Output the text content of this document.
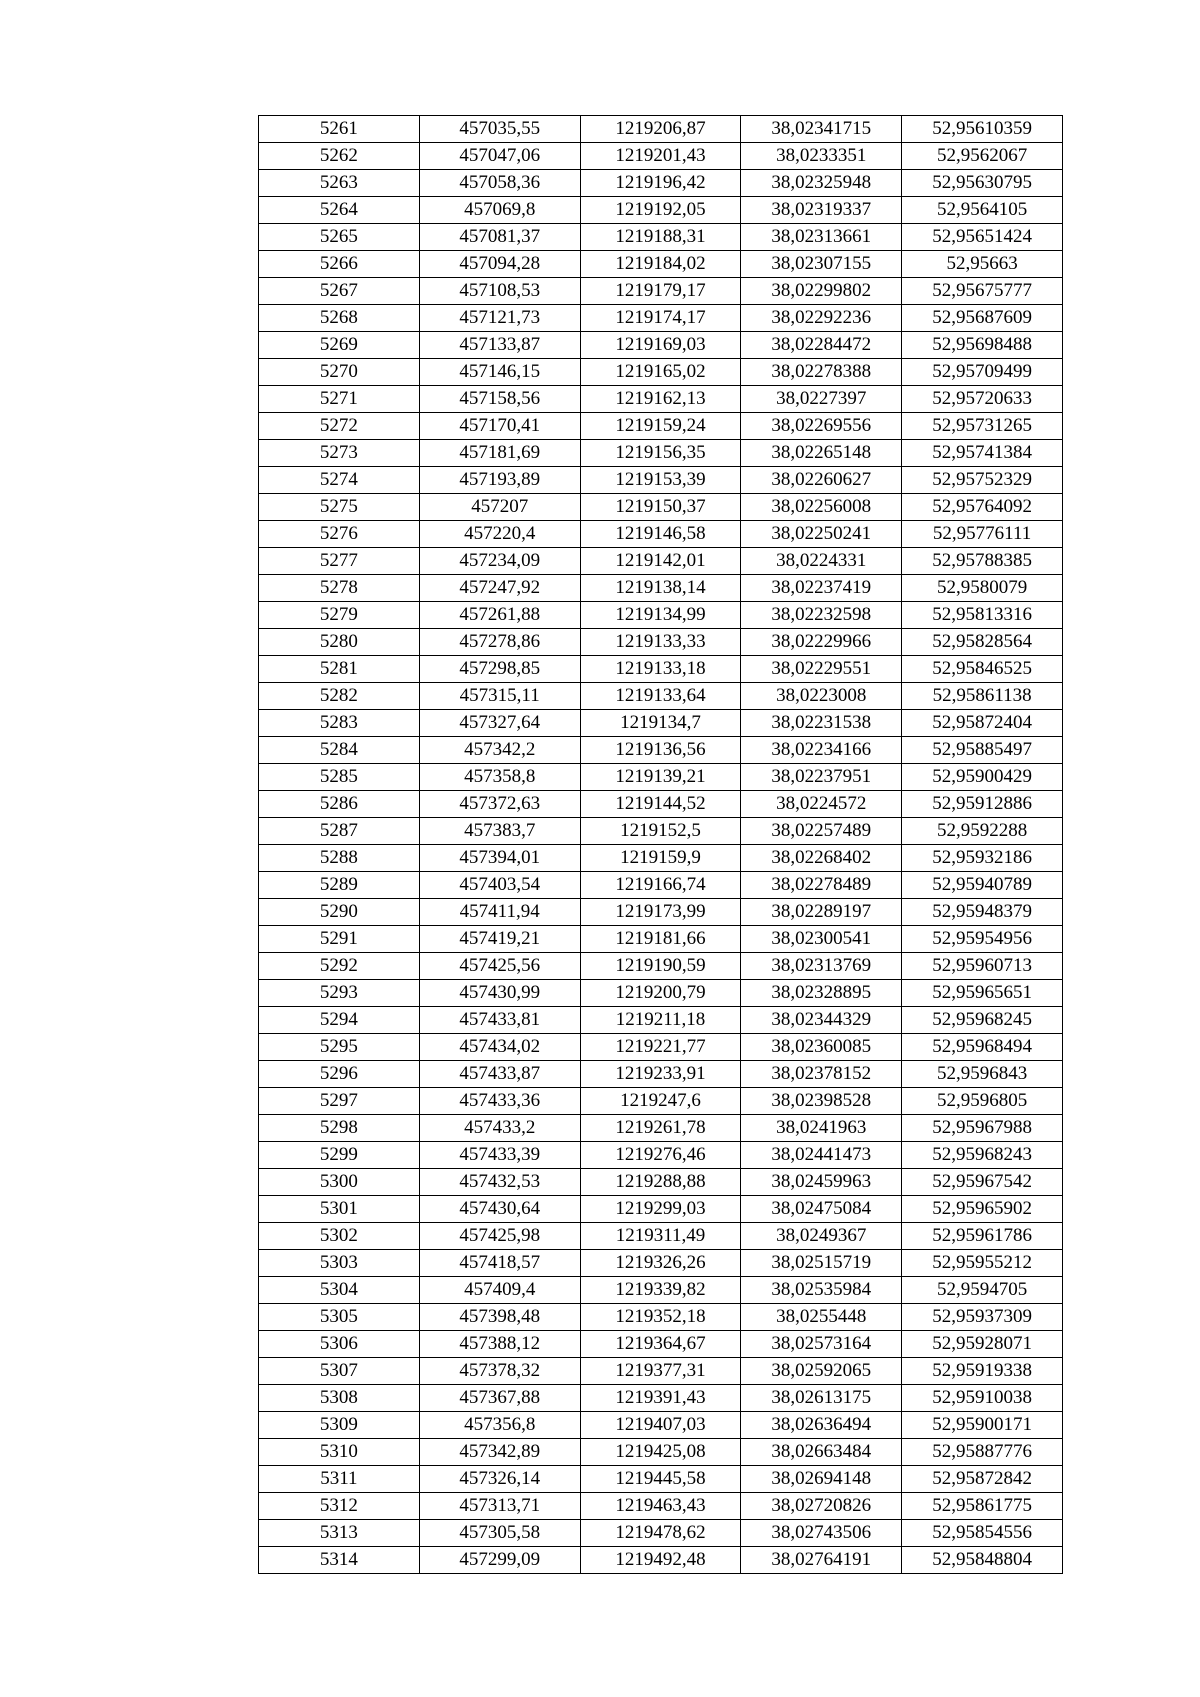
5261	457035,55	1219206,87	38,02341715	52,95610359
5262	457047,06	1219201,43	38,0233351	52,9562067
5263	457058,36	1219196,42	38,02325948	52,95630795
5264	457069,8	1219192,05	38,02319337	52,9564105
5265	457081,37	1219188,31	38,02313661	52,95651424
5266	457094,28	1219184,02	38,02307155	52,95663
5267	457108,53	1219179,17	38,02299802	52,95675777
5268	457121,73	1219174,17	38,02292236	52,95687609
5269	457133,87	1219169,03	38,02284472	52,95698488
5270	457146,15	1219165,02	38,02278388	52,95709499
5271	457158,56	1219162,13	38,0227397	52,95720633
5272	457170,41	1219159,24	38,02269556	52,95731265
5273	457181,69	1219156,35	38,02265148	52,95741384
5274	457193,89	1219153,39	38,02260627	52,95752329
5275	457207	1219150,37	38,02256008	52,95764092
5276	457220,4	1219146,58	38,02250241	52,95776111
5277	457234,09	1219142,01	38,0224331	52,95788385
5278	457247,92	1219138,14	38,02237419	52,9580079
5279	457261,88	1219134,99	38,02232598	52,95813316
5280	457278,86	1219133,33	38,02229966	52,95828564
5281	457298,85	1219133,18	38,02229551	52,95846525
5282	457315,11	1219133,64	38,0223008	52,95861138
5283	457327,64	1219134,7	38,02231538	52,95872404
5284	457342,2	1219136,56	38,02234166	52,95885497
5285	457358,8	1219139,21	38,02237951	52,95900429
5286	457372,63	1219144,52	38,0224572	52,95912886
5287	457383,7	1219152,5	38,02257489	52,9592288
5288	457394,01	1219159,9	38,02268402	52,95932186
5289	457403,54	1219166,74	38,02278489	52,95940789
5290	457411,94	1219173,99	38,02289197	52,95948379
5291	457419,21	1219181,66	38,02300541	52,95954956
5292	457425,56	1219190,59	38,02313769	52,95960713
5293	457430,99	1219200,79	38,02328895	52,95965651
5294	457433,81	1219211,18	38,02344329	52,95968245
5295	457434,02	1219221,77	38,02360085	52,95968494
5296	457433,87	1219233,91	38,02378152	52,9596843
5297	457433,36	1219247,6	38,02398528	52,9596805
5298	457433,2	1219261,78	38,0241963	52,95967988
5299	457433,39	1219276,46	38,02441473	52,95968243
5300	457432,53	1219288,88	38,02459963	52,95967542
5301	457430,64	1219299,03	38,02475084	52,95965902
5302	457425,98	1219311,49	38,0249367	52,95961786
5303	457418,57	1219326,26	38,02515719	52,95955212
5304	457409,4	1219339,82	38,02535984	52,9594705
5305	457398,48	1219352,18	38,0255448	52,95937309
5306	457388,12	1219364,67	38,02573164	52,95928071
5307	457378,32	1219377,31	38,02592065	52,95919338
5308	457367,88	1219391,43	38,02613175	52,95910038
5309	457356,8	1219407,03	38,02636494	52,95900171
5310	457342,89	1219425,08	38,02663484	52,95887776
5311	457326,14	1219445,58	38,02694148	52,95872842
5312	457313,71	1219463,43	38,02720826	52,95861775
5313	457305,58	1219478,62	38,02743506	52,95854556
5314	457299,09	1219492,48	38,02764191	52,95848804
